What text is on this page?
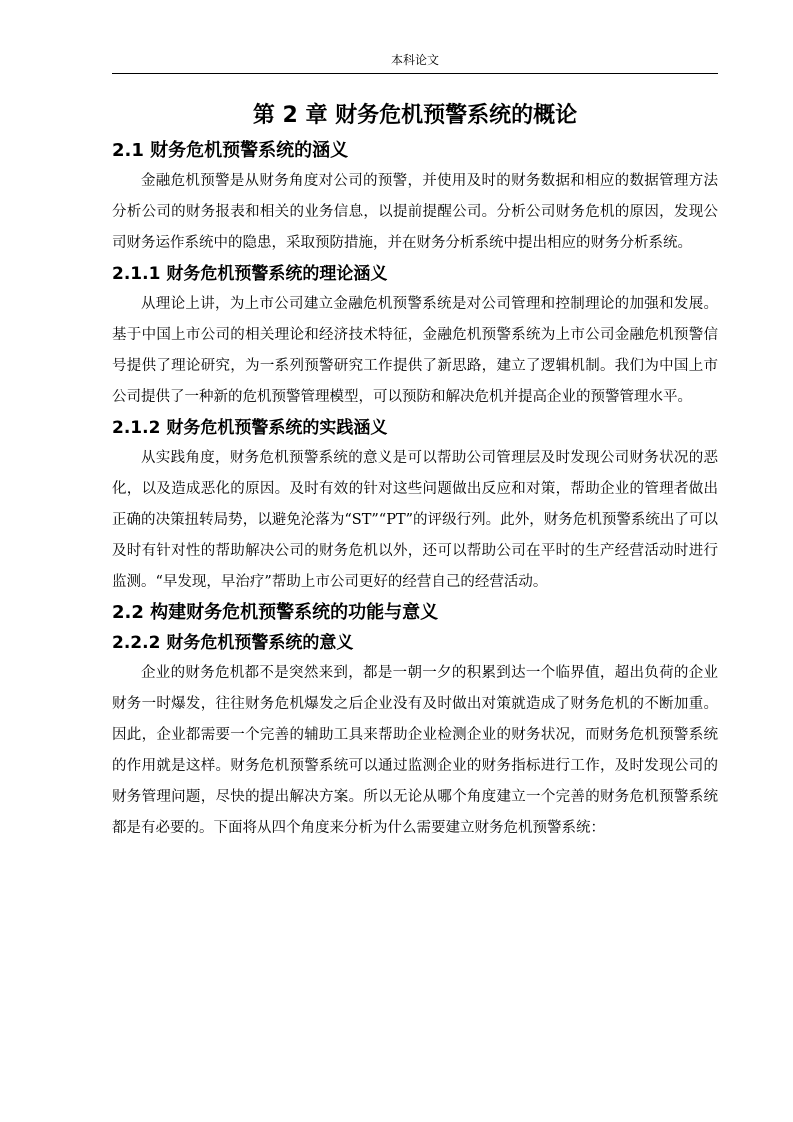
本科论文
第 2 章 财务危机预警系统的概论
2.1 财务危机预警系统的涵义

金融危机预警是从财务角度对公司的预警，并使用及时的财务数据和相应的数据管理方法分析公司的财务报表和相关的业务信息，以提前提醒公司。分析公司财务危机的原因，发现公司财务运作系统中的隐患，采取预防措施，并在财务分析系统中提出相应的财务分析系统。

2.1.1 财务危机预警系统的理论涵义

从理论上讲，为上市公司建立金融危机预警系统是对公司管理和控制理论的加强和发展。基于中国上市公司的相关理论和经济技术特征，金融危机预警系统为上市公司金融危机预警信号提供了理论研究，为一系列预警研究工作提供了新思路，建立了逻辑机制。我们为中国上市公司提供了一种新的危机预警管理模型，可以预防和解决危机并提高企业的预警管理水平。

2.1.2 财务危机预警系统的实践涵义

从实践角度，财务危机预警系统的意义是可以帮助公司管理层及时发现公司财务状况的恶化，以及造成恶化的原因。及时有效的针对这些问题做出反应和对策，帮助企业的管理者做出正确的决策扭转局势，以避免沦落为“ST”“PT”的评级行列。此外，财务危机预警系统出了可以及时有针对性的帮助解决公司的财务危机以外，还可以帮助公司在平时的生产经营活动时进行监测。“早发现，早治疗”帮助上市公司更好的经营自己的经营活动。

2.2 构建财务危机预警系统的功能与意义
2.2.2 财务危机预警系统的意义

企业的财务危机都不是突然来到，都是一朝一夕的积累到达一个临界值，超出负荷的企业财务一时爆发，往往财务危机爆发之后企业没有及时做出对策就造成了财务危机的不断加重。因此，企业都需要一个完善的辅助工具来帮助企业检测企业的财务状况，而财务危机预警系统的作用就是这样。财务危机预警系统可以通过监测企业的财务指标进行工作，及时发现公司的财务管理问题，尽快的提出解决方案。所以无论从哪个角度建立一个完善的财务危机预警系统都是有必要的。下面将从四个角度来分析为什么需要建立财务危机预警系统：
